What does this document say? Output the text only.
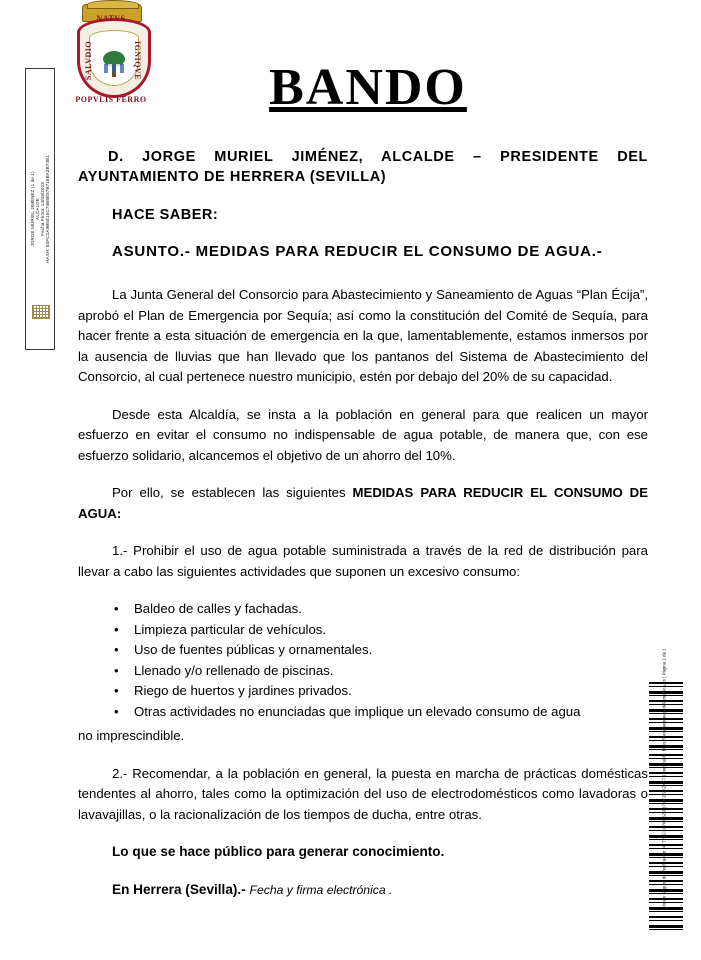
NATVS
SALVDIO	IGNIQVE
POPVLIS FERRO
JORGE MURIEL JIMÉNEZ (1 de 1) ALCALDE Fecha Firma: 14/03/2023 HASH: 84FC2A9B5E15C74B8E57B716BA3B74B1
BANDO
D. JORGE MURIEL JIMÉNEZ, ALCALDE – PRESIDENTE DEL AYUNTAMIENTO DE HERRERA (SEVILLA)
HACE SABER:
ASUNTO.- MEDIDAS PARA REDUCIR EL CONSUMO DE AGUA.-

La Junta General del Consorcio para Abastecimiento y Saneamiento de Aguas “Plan Écija”, aprobó el Plan de Emergencia por Sequía; así como la constitución del Comité de Sequía, para hacer frente a esta situación de emergencia en la que, lamentablemente, estamos inmersos por la ausencia de lluvias que han llevado que los pantanos del Sistema de Abastecimiento del Consorcio, al cual pertenece nuestro municipio, estén por debajo del 20% de su capacidad.

Desde esta Alcaldía, se insta a la población en general para que realicen un mayor esfuerzo en evitar el consumo no indispensable de agua potable, de manera que, con ese esfuerzo solidario, alcancemos el objetivo de un ahorro del 10%.

Por ello, se establecen las siguientes MEDIDAS PARA REDUCIR EL CONSUMO DE AGUA:

1.- Prohibir el uso de agua potable suministrada a través de la red de distribución para llevar a cabo las siguientes actividades que suponen un excesivo consumo:

• Baldeo de calles y fachadas.
• Limpieza particular de vehículos.
• Uso de fuentes públicas y ornamentales.
• Llenado y/o rellenado de piscinas.
• Riego de huertos y jardines privados.
• Otras actividades no enunciadas que implique un elevado consumo de agua
no imprescindible.

2.- Recomendar, a la población en general, la puesta en marcha de prácticas domésticas tendentes al ahorro, tales como la optimización del uso de electrodomésticos como lavadoras o lavavajillas, o la racionalización de los tiempos de ducha, entre otras.

Lo que se hace público para generar conocimiento.
En Herrera (Sevilla).- Fecha y firma electrónica .	Código Seguro de Verificación: ATT2VC2A7KCSZ9Q7KEJ29KZKF7 | Verificable: https://sedeherrera.sedelectronica.es | Página 1 de 1
